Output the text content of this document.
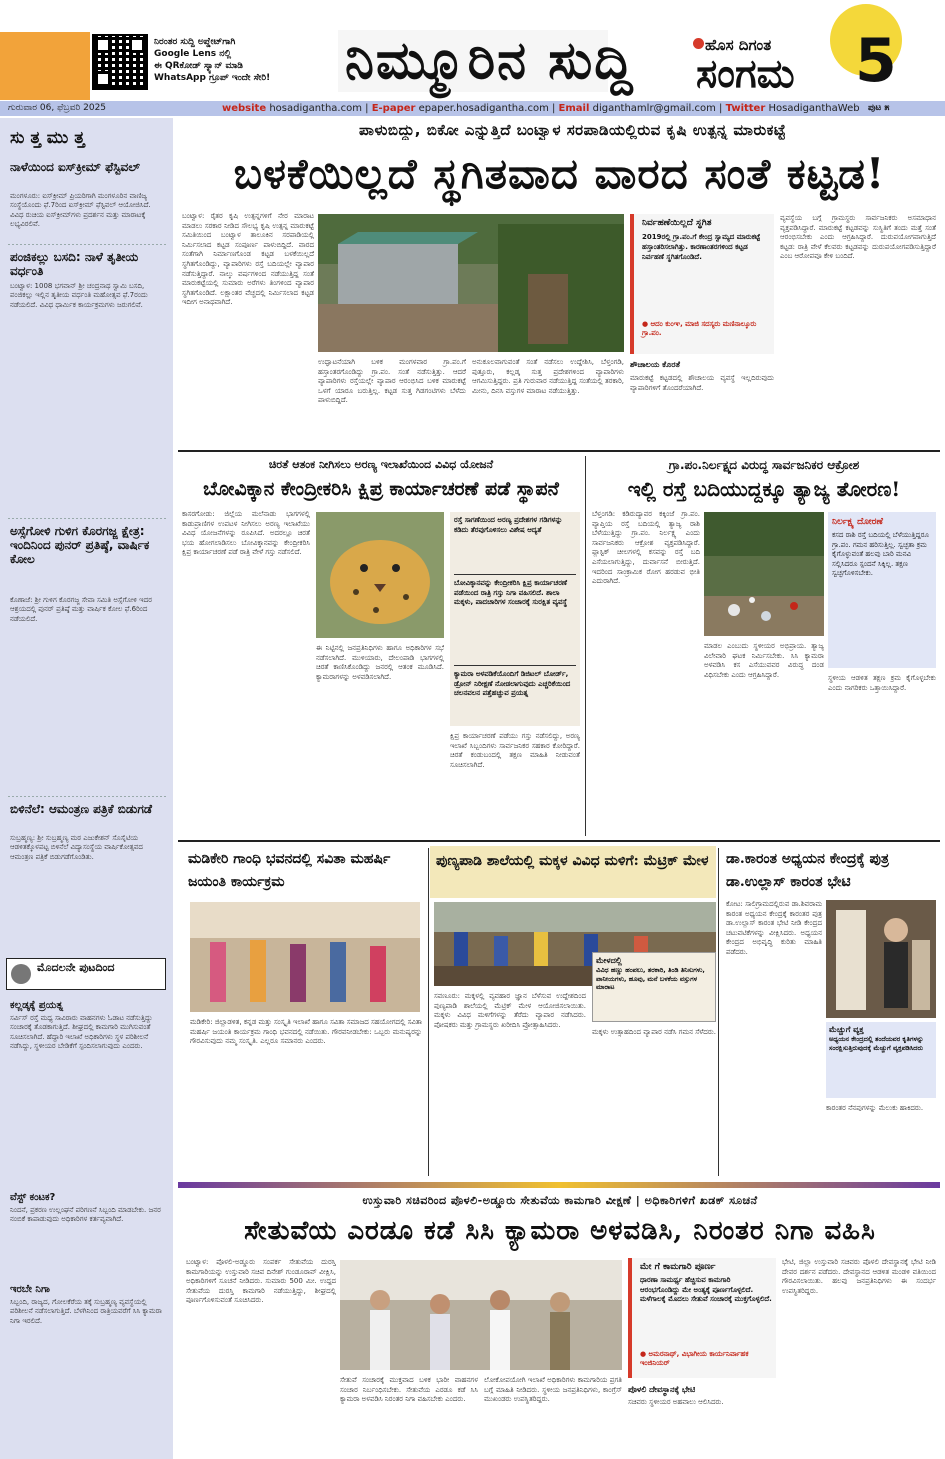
ನಿರಂತರ ಸುದ್ದಿ ಅಪ್ಡೇಟ್‌ಗಾಗಿ
Google Lens ನಲ್ಲಿ
ಈ QRಕೋಡ್ ಸ್ಕ್ಯಾನ್ ಮಾಡಿ
WhatsApp ಗ್ರೂಪ್ ಇಂದೇ ಸೇರಿ!	ನಿಮ್ಮೂರಿನ ಸುದ್ದಿ	ಹೊಸ ದಿಗಂತ
ಸಂಗಮ 5
ಗುರುವಾರ 06, ಫೆಬ್ರವರಿ 2025	website hosadigantha.com | E-paper epaper.hosadigantha.com | Email diganthamlr@gmail.com | Twitter HosadiganthaWeb ಪುಟ ೫
ಸು ತ್ತ ಮು ತ್ತ
ನಾಳೆಯಿಂದ ಐಸ್‌ಕ್ರೀಮ್ ಫೆಸ್ಟಿವಲ್
ಮಂಗಳೂರು: ಐಸ್‌ಕ್ರೀಮ್ ಪ್ರಿಯರಿಗಾಗಿ ಮಂಗಳೂರಿನ ವಾಣಿಜ್ಯ ಸಂಸ್ಥೆಯೊಂದು ಫೆ.7ರಿಂದ ಐಸ್‌ಕ್ರೀಮ್ ಫೆಸ್ಟಿವಲ್ ಆಯೋಜಿಸಿದೆ. ವಿವಿಧ ರುಚಿಯ ಐಸ್‌ಕ್ರೀಮ್‌ಗಳು ಪ್ರದರ್ಶನ ಮತ್ತು ಮಾರಾಟಕ್ಕೆ ಲಭ್ಯವಿರಲಿವೆ.
ಪಂಜಿಕಲ್ಲು ಬಸದಿ: ನಾಳೆ ತೃತೀಯ ವರ್ಧಂತಿ
ಬಂಟ್ವಾಳ: 1008 ಭಗವಾನ್ ಶ್ರೀ ಚಂದ್ರನಾಥ ಸ್ವಾಮಿ ಬಸದಿ, ಪಂಜಿಕಲ್ಲು ಇಲ್ಲಿನ ತೃತೀಯ ವರ್ಧಂತಿ ಮಹೋತ್ಸವ ಫೆ.7ರಂದು ನಡೆಯಲಿದೆ. ವಿವಿಧ ಧಾರ್ಮಿಕ ಕಾರ್ಯಕ್ರಮಗಳು ಜರುಗಲಿವೆ.
ಅಸ್ಸೆಗೋಳಿ ಗುಳಿಗ ಕೊರಗಜ್ಜ ಕ್ಷೇತ್ರ: ಇಂದಿನಿಂದ ಪುನರ್ ಪ್ರತಿಷ್ಠೆ, ವಾರ್ಷಿಕ ಕೋಲ
ಕೊಣಾಜೆ: ಶ್ರೀ ಗುಳಿಗ ಕೊರಗಜ್ಜ ಸೇವಾ ಸಮಿತಿ ಅಸ್ಸೆಗೋಳಿ ಇದರ ಆಶ್ರಯದಲ್ಲಿ ಪುನರ್ ಪ್ರತಿಷ್ಠೆ ಮತ್ತು ವಾರ್ಷಿಕ ಕೋಲ ಫೆ.6ರಿಂದ ನಡೆಯಲಿದೆ.
ಬಿಳಿನೆಲೆ: ಆಮಂತ್ರಣ ಪತ್ರಿಕೆ ಬಿಡುಗಡೆ
ಸುಬ್ರಹ್ಮಣ್ಯ: ಶ್ರೀ ಸುಬ್ರಹ್ಮಣ್ಯ ಮಠ ಎಜುಕೇಶನ್ ಸೊಸೈಟಿಯ ಆಡಳಿತಕ್ಕೊಳಪಟ್ಟ ಬಿಳಿನೆಲೆ ವಿದ್ಯಾಸಂಸ್ಥೆಯ ವಾರ್ಷಿಕೋತ್ಸವದ ಆಮಂತ್ರಣ ಪತ್ರಿಕೆ ಬಿಡುಗಡೆಗೊಂಡಿತು.
ಮೊದಲನೇ ಪುಟದಿಂದ
ಕಲ್ಲಡ್ಕಕ್ಕೆ ಪ್ರಯತ್ನ
ಸರ್ವಿಸ್ ರಸ್ತೆ ಮಧ್ಯ ಸಾವಿರಾರು ವಾಹನಗಳು ಓಡಾಟ ನಡೆಸುತ್ತಿದ್ದು ಸಂಚಾರಕ್ಕೆ ತೊಡಕಾಗುತ್ತಿದೆ. ಶೀಘ್ರದಲ್ಲಿ ಕಾಮಗಾರಿ ಮುಗಿಸುವಂತೆ ಸೂಚಿಸಲಾಗಿದೆ. ಹೆದ್ದಾರಿ ಇಲಾಖೆ ಅಧಿಕಾರಿಗಳು ಸ್ಥಳ ಪರಿಶೀಲನೆ ನಡೆಸಿದ್ದು, ಸ್ಥಳೀಯರ ಬೇಡಿಕೆಗೆ ಸ್ಪಂದಿಸಲಾಗುವುದು ಎಂದರು.
ವೆಸ್ಟ್ ಕಂಟಕ?
ನಿಂದನೆ, ಪ್ರಕರಣ ಉಲ್ಲಂಘನೆ ಪರಿಗಣನೆ ಸಿಬ್ಬಂದಿ ಮಾಡಬೇಕು. ಜನರ ನಂಬಿಕೆ ಕಾಪಾಡುವುದು ಅಧಿಕಾರಿಗಳ ಕರ್ತವ್ಯವಾಗಿದೆ.
ಇರಬೇ ನಿಗಾ
ಸಿಬ್ಬಂದಿ, ರಾಜ್ಯದ, ಗೋಲಕೆರೆಯ ತಕ್ಕೆ ಸುಬ್ರಹ್ಮಣ್ಯ ವ್ಯವಸ್ಥೆಯಲ್ಲಿ ಪರಿಶೀಲನೆ ನಡೆಸಲಾಗುತ್ತಿದೆ. ಬೆಳಗಿನಿಂದ ರಾತ್ರಿಯವರೆಗೆ ಸಿಸಿ ಕ್ಯಾಮರಾ ನಿಗಾ ಇರಲಿದೆ.
ಪಾಳುಬಿದ್ದು, ಬಿಕೋ ಎನ್ನುತ್ತಿದೆ ಬಂಟ್ವಾಳ ಸರಪಾಡಿಯಲ್ಲಿರುವ ಕೃಷಿ ಉತ್ಪನ್ನ ಮಾರುಕಟ್ಟೆ
ಬಳಕೆಯಿಲ್ಲದೆ ಸ್ಥಗಿತವಾದ ವಾರದ ಸಂತೆ ಕಟ್ಟಡ!
ಬಂಟ್ವಾಳ: ರೈತರ ಕೃಷಿ ಉತ್ಪನ್ನಗಳಿಗೆ ನೇರ ಮಾರಾಟ ಮಾಡಲು ಸರಕಾರ ನೀಡಿದ ಸೌಲಭ್ಯ ಕೃಷಿ ಉತ್ಪನ್ನ ಮಾರುಕಟ್ಟೆ ಸಮಿತಿಯಿಂದ ಬಂಟ್ವಾಳ ತಾಲೂಕಿನ ಸರಪಾಡಿಯಲ್ಲಿ ನಿರ್ಮಿಸಲಾದ ಕಟ್ಟಡ ಸಂಪೂರ್ಣ ಪಾಳುಬಿದ್ದಿದೆ. ವಾರದ ಸಂತೆಗಾಗಿ ನಿರ್ಮಾಣಗೊಂಡ ಕಟ್ಟಡ ಬಳಕೆಯಿಲ್ಲದೆ ಸ್ಥಗಿತಗೊಂಡಿದ್ದು, ವ್ಯಾಪಾರಿಗಳು ರಸ್ತೆ ಬದಿಯಲ್ಲೇ ವ್ಯಾಪಾರ ನಡೆಸುತ್ತಿದ್ದಾರೆ. ನಾಲ್ಕು ವರ್ಷಗಳಿಂದ ನಡೆಯುತ್ತಿದ್ದ ಸಂತೆ ಮಾರುಕಟ್ಟೆಯಲ್ಲಿ ಸುಮಾರು ಅರೆಗಳು ತಿಂಗಳಿಂದ ವ್ಯಾಪಾರ ಸ್ಥಗಿತಗೊಂಡಿದೆ. ಲಕ್ಷಾಂತರ ವೆಚ್ಚದಲ್ಲಿ ನಿರ್ಮಿಸಲಾದ ಕಟ್ಟಡ ಇದೀಗ ಅನಾಥವಾಗಿದೆ.
ಉದ್ಘಾಟನೆಯಾಗಿ ಬಳಿಕ ಮಂಗಳವಾರ ಗ್ರಾ.ಪಂ.ಗೆ ಹಸ್ತಾಂತರಗೊಂಡಿದ್ದು ಗ್ರಾ.ಪಂ. ಸಂತೆ ನಡೆಸುತ್ತಿತ್ತು. ಆದರೆ ವ್ಯಾಪಾರಿಗಳು ರಸ್ತೆಯಲ್ಲೇ ವ್ಯಾಪಾರ ಆರಂಭಿಸಿದ ಬಳಿಕ ಮಾರುಕಟ್ಟೆ ಒಳಗೆ ಯಾರೂ ಬರುತ್ತಿಲ್ಲ. ಕಟ್ಟಡ ಸುತ್ತ ಗಿಡಗಂಟಿಗಳು ಬೆಳೆದು ಪಾಳುಬಿದ್ದಿದೆ.
ಅನುಕೂಲವಾಗುವಂತೆ ಸಂತೆ ನಡೆಸಲು ಉದ್ದೇಶಿಸಿ, ಬೆಳ್ತಂಗಡಿ, ಪುತ್ತೂರು, ಕಲ್ಲಡ್ಕ ಸುತ್ತ ಪ್ರದೇಶಗಳಿಂದ ವ್ಯಾಪಾರಿಗಳು ಆಗಮಿಸುತ್ತಿದ್ದರು. ಪ್ರತಿ ಗುರುವಾರ ನಡೆಯುತ್ತಿದ್ದ ಸಂತೆಯಲ್ಲಿ ತರಕಾರಿ, ಮೀನು, ದಿನಸಿ ವಸ್ತುಗಳ ಮಾರಾಟ ನಡೆಯುತ್ತಿತ್ತು.
ನಿರ್ವಹಣೆಯಿಲ್ಲದೆ ಸ್ಥಗಿತ
2019ರಲ್ಲಿ ಗ್ರಾ.ಪಂ.ಗೆ ಕೇಂದ್ರ ಸ್ವಾಮ್ಯದ ಮಾರುಕಟ್ಟೆ ಹಸ್ತಾಂತರಿಸಲಾಗಿತ್ತು. ಕಾರಣಾಂತರಗಳಿಂದ ಕಟ್ಟಡ ನಿರ್ವಹಣೆ ಸ್ಥಗಿತಗೊಂಡಿದೆ.
● ಆದಂ ಕುಂಞ, ಮಾಜಿ ಸದಸ್ಯರು ಮಣಿನಾಲ್ಕೂರು ಗ್ರಾ.ಪಂ.
ಶೌಚಾಲಯ ಕೊರತೆ
ಮಾರುಕಟ್ಟೆ ಕಟ್ಟಡದಲ್ಲಿ ಶೌಚಾಲಯ ವ್ಯವಸ್ಥೆ ಇಲ್ಲದಿರುವುದು ವ್ಯಾಪಾರಿಗಳಿಗೆ ತೊಂದರೆಯಾಗಿದೆ.
ವ್ಯವಸ್ಥೆಯ ಬಗ್ಗೆ ಗ್ರಾಮಸ್ಥರು ಸಾರ್ವಜನಿಕರು ಅಸಮಾಧಾನ ವ್ಯಕ್ತಪಡಿಸಿದ್ದಾರೆ. ಮಾರುಕಟ್ಟೆ ಕಟ್ಟಡವನ್ನು ಸುಸ್ಥಿತಿಗೆ ತಂದು ಮತ್ತೆ ಸಂತೆ ಆರಂಭಿಸಬೇಕು ಎಂದು ಆಗ್ರಹಿಸಿದ್ದಾರೆ. ದುರುಪಯೋಗವಾಗುತ್ತಿದೆ ಕಟ್ಟಡ: ರಾತ್ರಿ ವೇಳೆ ಕೆಲವರು ಕಟ್ಟಡವನ್ನು ದುರುಪಯೋಗಪಡಿಸುತ್ತಿದ್ದಾರೆ ಎಂಬ ಆರೋಪವೂ ಕೇಳಿ ಬಂದಿದೆ.
ಚಿರತೆ ಆತಂಕ ನೀಗಿಸಲು ಅರಣ್ಯ ಇಲಾಖೆಯಿಂದ ವಿವಿಧ ಯೋಜನೆ
ಬೋವಿಕ್ಕಾನ ಕೇಂದ್ರೀಕರಿಸಿ ಕ್ಷಿಪ್ರ ಕಾರ್ಯಾಚರಣೆ ಪಡೆ ಸ್ಥಾಪನೆ
ಕಾಸರಗೋಡು: ಜಿಲ್ಲೆಯ ಮಲೆನಾಡು ಭಾಗಗಳಲ್ಲಿ ಕಾಡುಪ್ರಾಣಿಗಳ ಉಪಟಳ ನೀಗಿಸಲು ಅರಣ್ಯ ಇಲಾಖೆಯು ವಿವಿಧ ಯೋಜನೆಗಳನ್ನು ರೂಪಿಸಿದೆ. ಅದರಲ್ಲೂ ಚಿರತೆ ಭಯ ಹೋಗಲಾಡಿಸಲು ಬೋವಿಕ್ಕಾನವನ್ನು ಕೇಂದ್ರೀಕರಿಸಿ ಕ್ಷಿಪ್ರ ಕಾರ್ಯಾಚರಣೆ ಪಡೆ ರಾತ್ರಿ ವೇಳೆ ಗಸ್ತು ನಡೆಸಲಿದೆ.
ಈ ನಿಟ್ಟಿನಲ್ಲಿ ಜನಪ್ರತಿನಿಧಿಗಳು ಹಾಗೂ ಅಧಿಕಾರಿಗಳ ಸಭೆ ನಡೆಸಲಾಗಿದೆ. ಮುಳಿಯಾರು, ದೇಲಂಪಾಡಿ ಭಾಗಗಳಲ್ಲಿ ಚಿರತೆ ಕಾಣಿಸಿಕೊಂಡಿದ್ದು ಜನರಲ್ಲಿ ಆತಂಕ ಮೂಡಿಸಿದೆ. ಕ್ಯಾಮರಾಗಳನ್ನು ಅಳವಡಿಸಲಾಗಿದೆ.
ರಸ್ತೆ ಸಾಗಣೆಯಿಂದ ಅರಣ್ಯ ಪ್ರದೇಶಗಳ ಗಡಿಗಳನ್ನು ಕಡಿದು ತೆರವುಗೊಳಿಸಲು ವಿಶೇಷ ಆದ್ಯತೆ
ಬೋವಿಕ್ಕಾನವನ್ನು ಕೇಂದ್ರೀಕರಿಸಿ ಕ್ಷಿಪ್ರ ಕಾರ್ಯಾಚರಣೆ ಪಡೆಯಿಂದ ರಾತ್ರಿ ಗಸ್ತು ನಿಗಾ ವಹಿಸಲಿದೆ. ಶಾಲಾ ಮಕ್ಕಳು, ಪಾದಚಾರಿಗಳ ಸಂಚಾರಕ್ಕೆ ಸುರಕ್ಷಿತ ವ್ಯವಸ್ಥೆ
ಕ್ಯಾಮರಾ ಅಳವಡಿಕೆಯೊಂದಿಗೆ ಡಿಜಿಟಲ್ ಬೋರ್ಡ್, ಡ್ರೋನ್ ನಿರೀಕ್ಷಣೆ ನೋಡಲಾಗುವುದು ಎಚ್ಚರಿಕೆಯಿಂದ ಚಲನವಲನ ಪತ್ತೆಹಚ್ಚುವ ಪ್ರಯತ್ನ
ಕ್ಷಿಪ್ರ ಕಾರ್ಯಾಚರಣೆ ಪಡೆಯು ಗಸ್ತು ನಡೆಸಲಿದ್ದು, ಅರಣ್ಯ ಇಲಾಖೆ ಸಿಬ್ಬಂದಿಗಳು ಸಾರ್ವಜನಿಕರ ಸಹಕಾರ ಕೋರಿದ್ದಾರೆ. ಚಿರತೆ ಕಂಡುಬಂದಲ್ಲಿ ತಕ್ಷಣ ಮಾಹಿತಿ ನೀಡುವಂತೆ ಸೂಚಿಸಲಾಗಿದೆ.
ಗ್ರಾ.ಪಂ.ನಿರ್ಲಕ್ಷ್ಯದ ವಿರುದ್ಧ ಸಾರ್ವಜನಿಕರ ಆಕ್ರೋಶ
ಇಲ್ಲಿ ರಸ್ತೆ ಬದಿಯುದ್ದಕ್ಕೂ ತ್ಯಾಜ್ಯ ತೋರಣ!
ಬೆಳ್ತಂಗಡಿ: ಕಡಿರುದ್ಯಾವರ ಕಕ್ಕಿಂಜೆ ಗ್ರಾ.ಪಂ. ವ್ಯಾಪ್ತಿಯ ರಸ್ತೆ ಬದಿಯಲ್ಲಿ ತ್ಯಾಜ್ಯ ರಾಶಿ ಬೆಳೆಯುತ್ತಿದ್ದು ಗ್ರಾ.ಪಂ. ನಿರ್ಲಕ್ಷ್ಯ ಎಂದು ಸಾರ್ವಜನಿಕರು ಆಕ್ರೋಶ ವ್ಯಕ್ತಪಡಿಸಿದ್ದಾರೆ. ಪ್ಲಾಸ್ಟಿಕ್ ಚೀಲಗಳಲ್ಲಿ ಕಸವನ್ನು ರಸ್ತೆ ಬದಿ ಎಸೆಯಲಾಗುತ್ತಿದ್ದು, ದುರ್ವಾಸನೆ ಬೀರುತ್ತಿದೆ. ಇದರಿಂದ ಸಾಂಕ್ರಾಮಿಕ ರೋಗ ಹರಡುವ ಭೀತಿ ಎದುರಾಗಿದೆ.
ನಿರ್ಲಕ್ಷ್ಯ ದೋರಣೆ
ಕಸದ ರಾಶಿ ರಸ್ತೆ ಬದಿಯಲ್ಲಿ ಬೆಳೆಯುತ್ತಿದ್ದರೂ ಗ್ರಾ.ಪಂ. ಗಮನ ಹರಿಸುತ್ತಿಲ್ಲ. ಸ್ವಚ್ಛತಾ ಕ್ರಮ ಕೈಗೊಳ್ಳುವಂತೆ ಹಲವು ಬಾರಿ ಮನವಿ ಸಲ್ಲಿಸಿದರೂ ಸ್ಪಂದನೆ ಸಿಕ್ಕಿಲ್ಲ. ತಕ್ಷಣ ಸ್ವಚ್ಛಗೊಳಿಸಬೇಕು.
ಮಾಡಲ ಎಂಬುದು ಸ್ಥಳೀಯರ ಅಭಿಪ್ರಾಯ. ತ್ಯಾಜ್ಯ ವಿಲೇವಾರಿ ಘಟಕ ನಿರ್ಮಿಸಬೇಕು. ಸಿಸಿ ಕ್ಯಾಮರಾ ಅಳವಡಿಸಿ ಕಸ ಎಸೆಯುವವರ ವಿರುದ್ಧ ದಂಡ ವಿಧಿಸಬೇಕು ಎಂದು ಆಗ್ರಹಿಸಿದ್ದಾರೆ.	ಸ್ಥಳೀಯ ಆಡಳಿತ ತಕ್ಷಣ ಕ್ರಮ ಕೈಗೊಳ್ಳಬೇಕು ಎಂದು ನಾಗರಿಕರು ಒತ್ತಾಯಿಸಿದ್ದಾರೆ.
ಮಡಿಕೇರಿ ಗಾಂಧಿ ಭವನದಲ್ಲಿ ಸವಿತಾ ಮಹರ್ಷಿ ಜಯಂತಿ ಕಾರ್ಯಕ್ರಮ
ಮಡಿಕೇರಿ: ಜಿಲ್ಲಾಡಳಿತ, ಕನ್ನಡ ಮತ್ತು ಸಂಸ್ಕೃತಿ ಇಲಾಖೆ ಹಾಗೂ ಸವಿತಾ ಸಮಾಜದ ಸಹಯೋಗದಲ್ಲಿ ಸವಿತಾ ಮಹರ್ಷಿ ಜಯಂತಿ ಕಾರ್ಯಕ್ರಮ ಗಾಂಧಿ ಭವನದಲ್ಲಿ ನಡೆಯಿತು. ಗೌರವನೀಡಬೇಕು: ಒಬ್ಬರು ಮನುಷ್ಯರನ್ನು ಗೌರವಿಸುವುದು ನಮ್ಮ ಸಂಸ್ಕೃತಿ. ಎಲ್ಲರೂ ಸಮಾನರು ಎಂದರು.
ಪುಣ್ಯಪಾಡಿ ಶಾಲೆಯಲ್ಲಿ ಮಕ್ಕಳ ವಿವಿಧ ಮಳಿಗೆ: ಮೆಟ್ರಿಕ್ ಮೇಳ
ಮೇಳದಲ್ಲಿ
ವಿವಿಧ ಹಣ್ಣು ಹಂಪಲು, ತರಕಾರಿ, ತಿಂಡಿ ತಿನಿಸುಗಳು, ಪಾನೀಯಗಳು, ಹೂವು, ಮನೆ ಬಳಕೆಯ ವಸ್ತುಗಳ ಮಾರಾಟ
ಸವಣೂರು: ಮಕ್ಕಳಲ್ಲಿ ವ್ಯವಹಾರ ಜ್ಞಾನ ಬೆಳೆಸುವ ಉದ್ದೇಶದಿಂದ ಪುಣ್ಯಪಾಡಿ ಶಾಲೆಯಲ್ಲಿ ಮೆಟ್ರಿಕ್ ಮೇಳ ಆಯೋಜಿಸಲಾಯಿತು. ಮಕ್ಕಳು ವಿವಿಧ ಮಳಿಗೆಗಳನ್ನು ತೆರೆದು ವ್ಯಾಪಾರ ನಡೆಸಿದರು. ಪೋಷಕರು ಮತ್ತು ಗ್ರಾಮಸ್ಥರು ಖರೀದಿಸಿ ಪ್ರೋತ್ಸಾಹಿಸಿದರು.
ಮಕ್ಕಳು ಉತ್ಸಾಹದಿಂದ ವ್ಯಾಪಾರ ನಡೆಸಿ ಗಮನ ಸೆಳೆದರು.
ಡಾ.ಕಾರಂತ ಅಧ್ಯಯನ ಕೇಂದ್ರಕ್ಕೆ ಪುತ್ರ ಡಾ.ಉಲ್ಲಾಸ್ ಕಾರಂತ ಭೇಟಿ
ಕೋಟ: ಸಾಲಿಗ್ರಾಮದಲ್ಲಿರುವ ಡಾ.ಶಿವರಾಮ ಕಾರಂತ ಅಧ್ಯಯನ ಕೇಂದ್ರಕ್ಕೆ ಕಾರಂತರ ಪುತ್ರ ಡಾ.ಉಲ್ಲಾಸ್ ಕಾರಂತ ಭೇಟಿ ನೀಡಿ ಕೇಂದ್ರದ ಚಟುವಟಿಕೆಗಳನ್ನು ವೀಕ್ಷಿಸಿದರು. ಅಧ್ಯಯನ ಕೇಂದ್ರದ ಅಭಿವೃದ್ಧಿ ಕುರಿತು ಮಾಹಿತಿ ಪಡೆದರು.
ಮೆಚ್ಚುಗೆ ವ್ಯಕ್ತ
ಅಧ್ಯಯನ ಕೇಂದ್ರದಲ್ಲಿ ತಂದೆಯವರ ಕೃತಿಗಳನ್ನು ಸಂರಕ್ಷಿಸುತ್ತಿರುವುದಕ್ಕೆ ಮೆಚ್ಚುಗೆ ವ್ಯಕ್ತಪಡಿಸಿದರು
ಕಾರಂತರ ನೆನಪುಗಳನ್ನು ಮೆಲುಕು ಹಾಕಿದರು.
ಉಸ್ತುವಾರಿ ಸಚಿವರಿಂದ ಪೊಳಲಿ-ಅಡ್ಡೂರು ಸೇತುವೆಯ ಕಾಮಗಾರಿ ವೀಕ್ಷಣೆ | ಅಧಿಕಾರಿಗಳಿಗೆ ಖಡಕ್ ಸೂಚನೆ
ಸೇತುವೆಯ ಎರಡೂ ಕಡೆ ಸಿಸಿ ಕ್ಯಾಮರಾ ಅಳವಡಿಸಿ, ನಿರಂತರ ನಿಗಾ ವಹಿಸಿ
ಬಂಟ್ವಾಳ: ಪೊಳಲಿ-ಅಡ್ಡೂರು ಸಂಪರ್ಕ ಸೇತುವೆಯ ದುರಸ್ತಿ ಕಾಮಗಾರಿಯನ್ನು ಉಸ್ತುವಾರಿ ಸಚಿವ ದಿನೇಶ್ ಗುಂಡೂರಾವ್ ವೀಕ್ಷಿಸಿ, ಅಧಿಕಾರಿಗಳಿಗೆ ಸೂಚನೆ ನೀಡಿದರು. ಸುಮಾರು 500 ಮೀ. ಉದ್ದದ ಸೇತುವೆಯ ದುರಸ್ತಿ ಕಾಮಗಾರಿ ನಡೆಯುತ್ತಿದ್ದು, ಶೀಘ್ರದಲ್ಲಿ ಪೂರ್ಣಗೊಳಿಸುವಂತೆ ಸೂಚಿಸಿದರು.
ಸೇತುವೆ ಸಂಚಾರಕ್ಕೆ ಮುಕ್ತವಾದ ಬಳಿಕ ಭಾರೀ ವಾಹನಗಳ ಸಂಚಾರ ನಿರ್ಬಂಧಿಸಬೇಕು. ಸೇತುವೆಯ ಎರಡೂ ಕಡೆ ಸಿಸಿ ಕ್ಯಾಮರಾ ಅಳವಡಿಸಿ ನಿರಂತರ ನಿಗಾ ವಹಿಸಬೇಕು ಎಂದರು.
ಲೋಕೋಪಯೋಗಿ ಇಲಾಖೆ ಅಧಿಕಾರಿಗಳು ಕಾಮಗಾರಿಯ ಪ್ರಗತಿ ಬಗ್ಗೆ ಮಾಹಿತಿ ನೀಡಿದರು. ಸ್ಥಳೀಯ ಜನಪ್ರತಿನಿಧಿಗಳು, ಕಾಂಗ್ರೆಸ್ ಮುಖಂಡರು ಉಪಸ್ಥಿತರಿದ್ದರು.
ಮೇ ಗೆ ಕಾಮಗಾರಿ ಪೂರ್ಣ
ಧಾರಣಾ ಸಾಮರ್ಥ್ಯ ಹೆಚ್ಚಿಸುವ ಕಾಮಗಾರಿ ಆರಂಭಗೊಂಡಿದ್ದು ಮೇ ಅಂತ್ಯಕ್ಕೆ ಪೂರ್ಣಗೊಳ್ಳಲಿದೆ. ಮಳೆಗಾಲಕ್ಕೆ ಮೊದಲು ಸೇತುವೆ ಸಂಚಾರಕ್ಕೆ ಮುಕ್ತಗೊಳ್ಳಲಿದೆ.
● ಅಮರನಾಥ್, ವಿಭಾಗೀಯ ಕಾರ್ಯನಿರ್ವಾಹಕ ಇಂಜಿನಿಯರ್
ಪೊಳಲಿ ದೇವಸ್ಥಾನಕ್ಕೆ ಭೇಟಿ
ಸಚಿವರು ಸ್ಥಳೀಯರ ಅಹವಾಲು ಆಲಿಸಿದರು.
ಭೇಟಿ, ಜಿಲ್ಲಾ ಉಸ್ತುವಾರಿ ಸಚಿವರು ಪೊಳಲಿ ದೇವಸ್ಥಾನಕ್ಕೆ ಭೇಟಿ ನೀಡಿ ದೇವರ ದರ್ಶನ ಪಡೆದರು. ದೇವಸ್ಥಾನದ ಆಡಳಿತ ಮಂಡಳಿ ವತಿಯಿಂದ ಗೌರವಿಸಲಾಯಿತು. ಹಲವು ಜನಪ್ರತಿನಿಧಿಗಳು ಈ ಸಂದರ್ಭ ಉಪಸ್ಥಿತರಿದ್ದರು.
